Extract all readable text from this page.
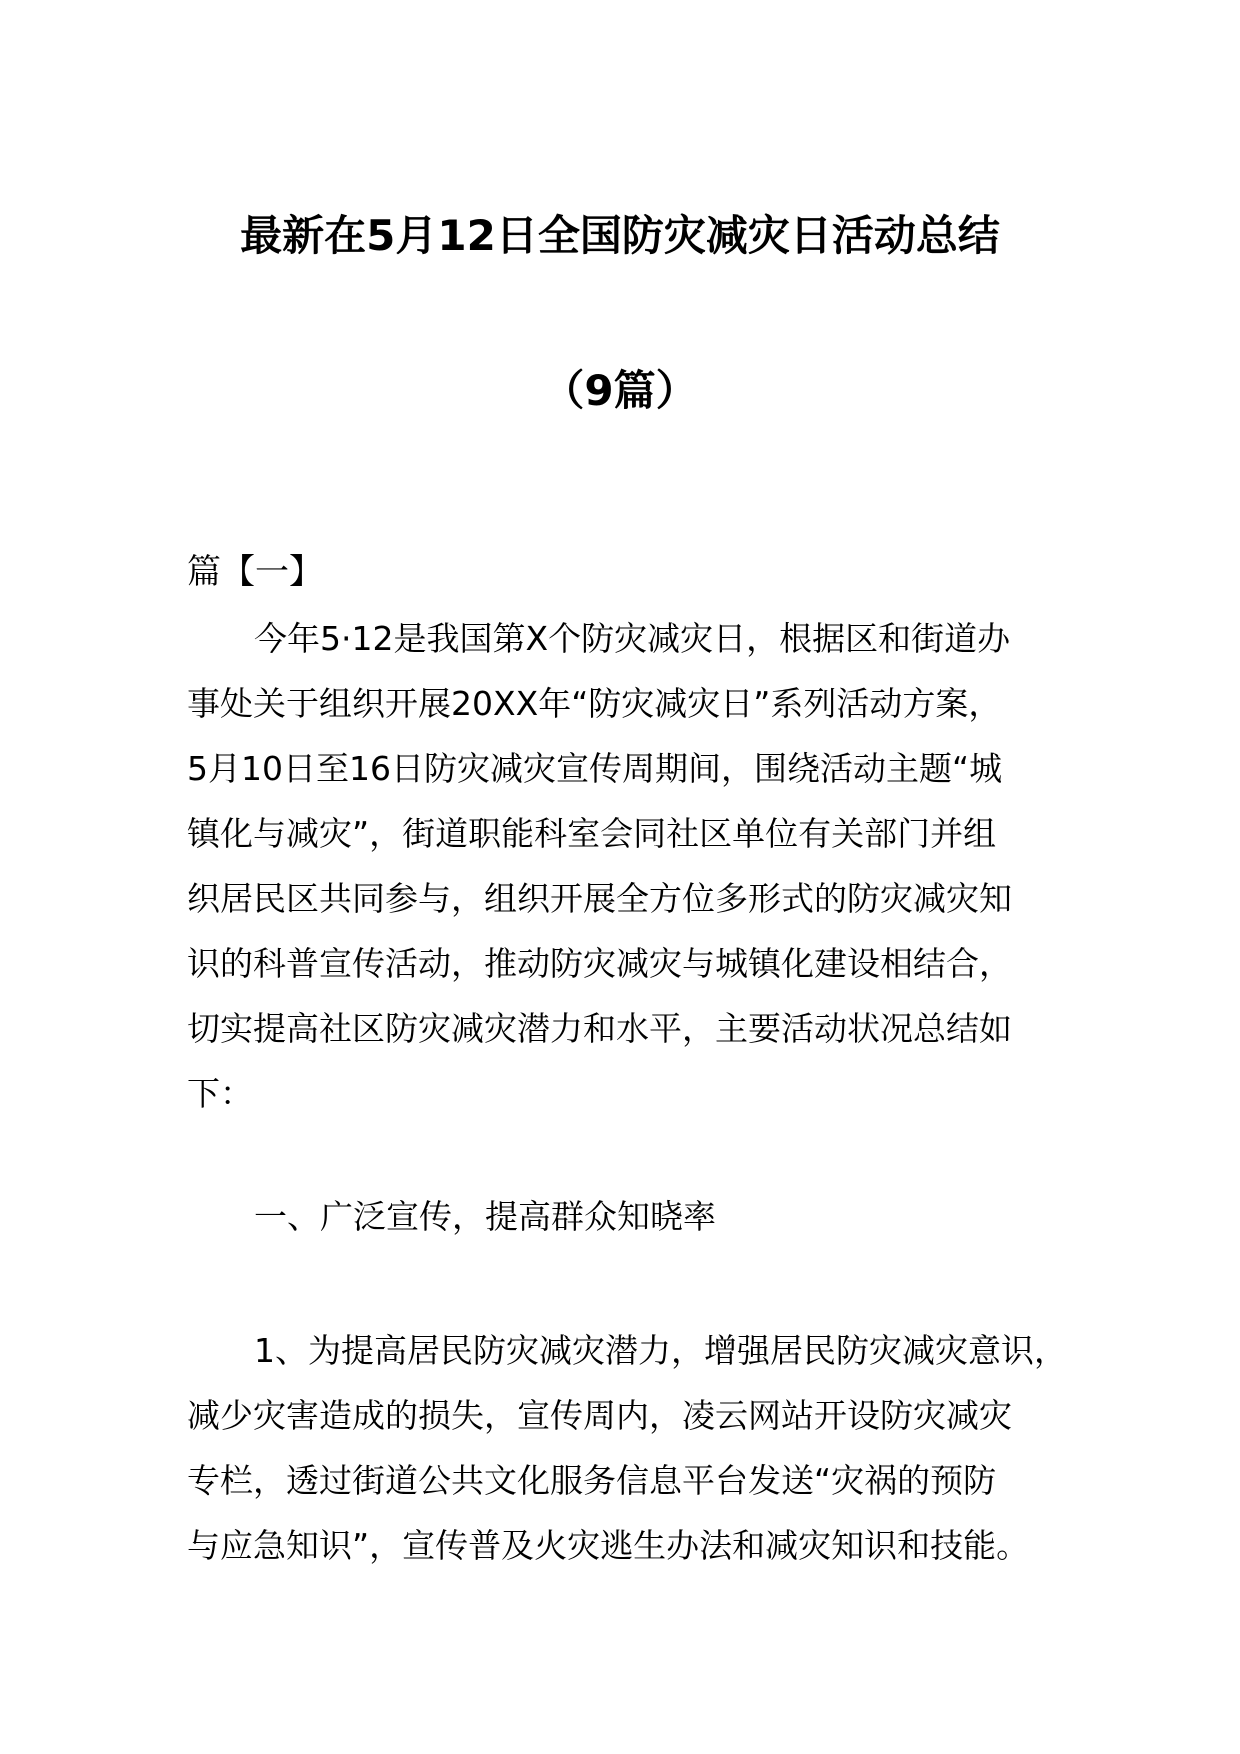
最新在5月12日全国防灾减灾日活动总结
（9篇）
篇【一】
今年5·12是我国第X个防灾减灾日，根据区和街道办
事处关于组织开展20XX年“防灾减灾日”系列活动方案，
5月10日至16日防灾减灾宣传周期间，围绕活动主题“城
镇化与减灾”，街道职能科室会同社区单位有关部门并组
织居民区共同参与，组织开展全方位多形式的防灾减灾知
识的科普宣传活动，推动防灾减灾与城镇化建设相结合，
切实提高社区防灾减灾潜力和水平，主要活动状况总结如
下：
一、广泛宣传，提高群众知晓率
1、为提高居民防灾减灾潜力，增强居民防灾减灾意识，
减少灾害造成的损失，宣传周内，凌云网站开设防灾减灾
专栏，透过街道公共文化服务信息平台发送“灾祸的预防
与应急知识”，宣传普及火灾逃生办法和减灾知识和技能。
